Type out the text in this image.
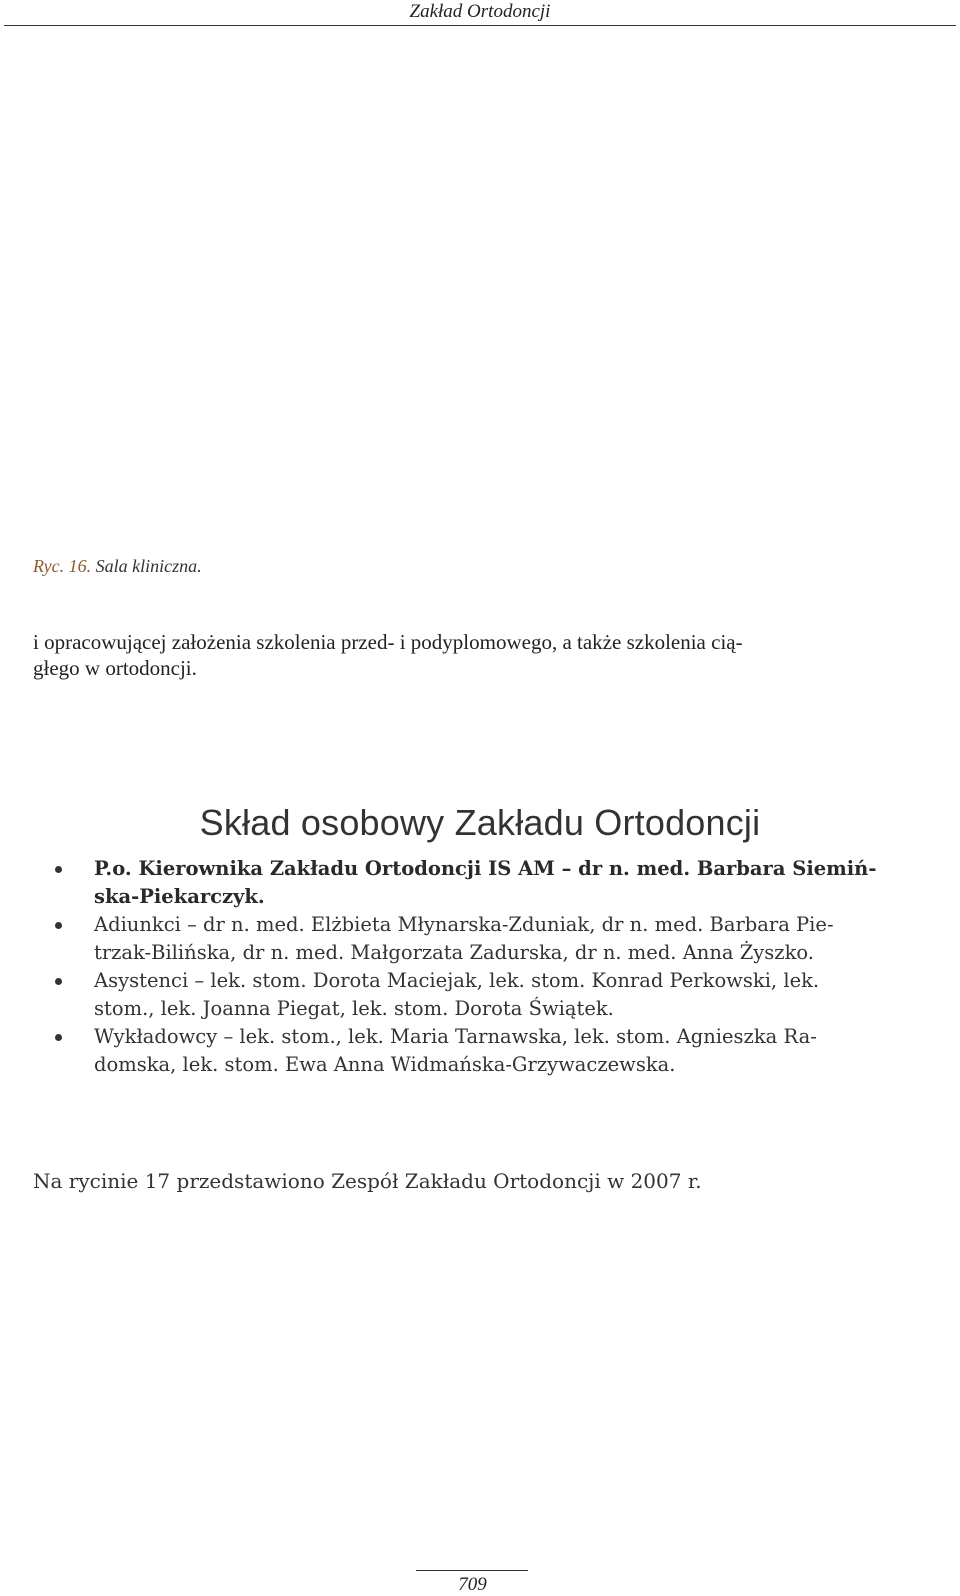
Zakład Ortodoncji
Ryc. 16. Sala kliniczna.
i opracowującej założenia szkolenia przed- i podyplomowego, a także szkolenia cią-
głego w ortodoncji.
Skład osobowy Zakładu Ortodoncji
P.o. Kierownika Zakładu Ortodoncji IS AM – dr n. med. Barbara Siemiń-
ska-Piekarczyk.
Adiunkci – dr n. med. Elżbieta Młynarska-Zduniak, dr n. med. Barbara Pie-
trzak-Bilińska, dr n. med. Małgorzata Zadurska, dr n. med. Anna Żyszko.
Asystenci – lek. stom. Dorota Maciejak, lek. stom. Konrad Perkowski, lek.
stom., lek. Joanna Piegat, lek. stom. Dorota Świątek.
Wykładowcy – lek. stom., lek. Maria Tarnawska, lek. stom. Agnieszka Ra-
domska, lek. stom. Ewa Anna Widmańska-Grzywaczewska.
Na rycinie 17 przedstawiono Zespół Zakładu Ortodoncji w 2007 r.
709
